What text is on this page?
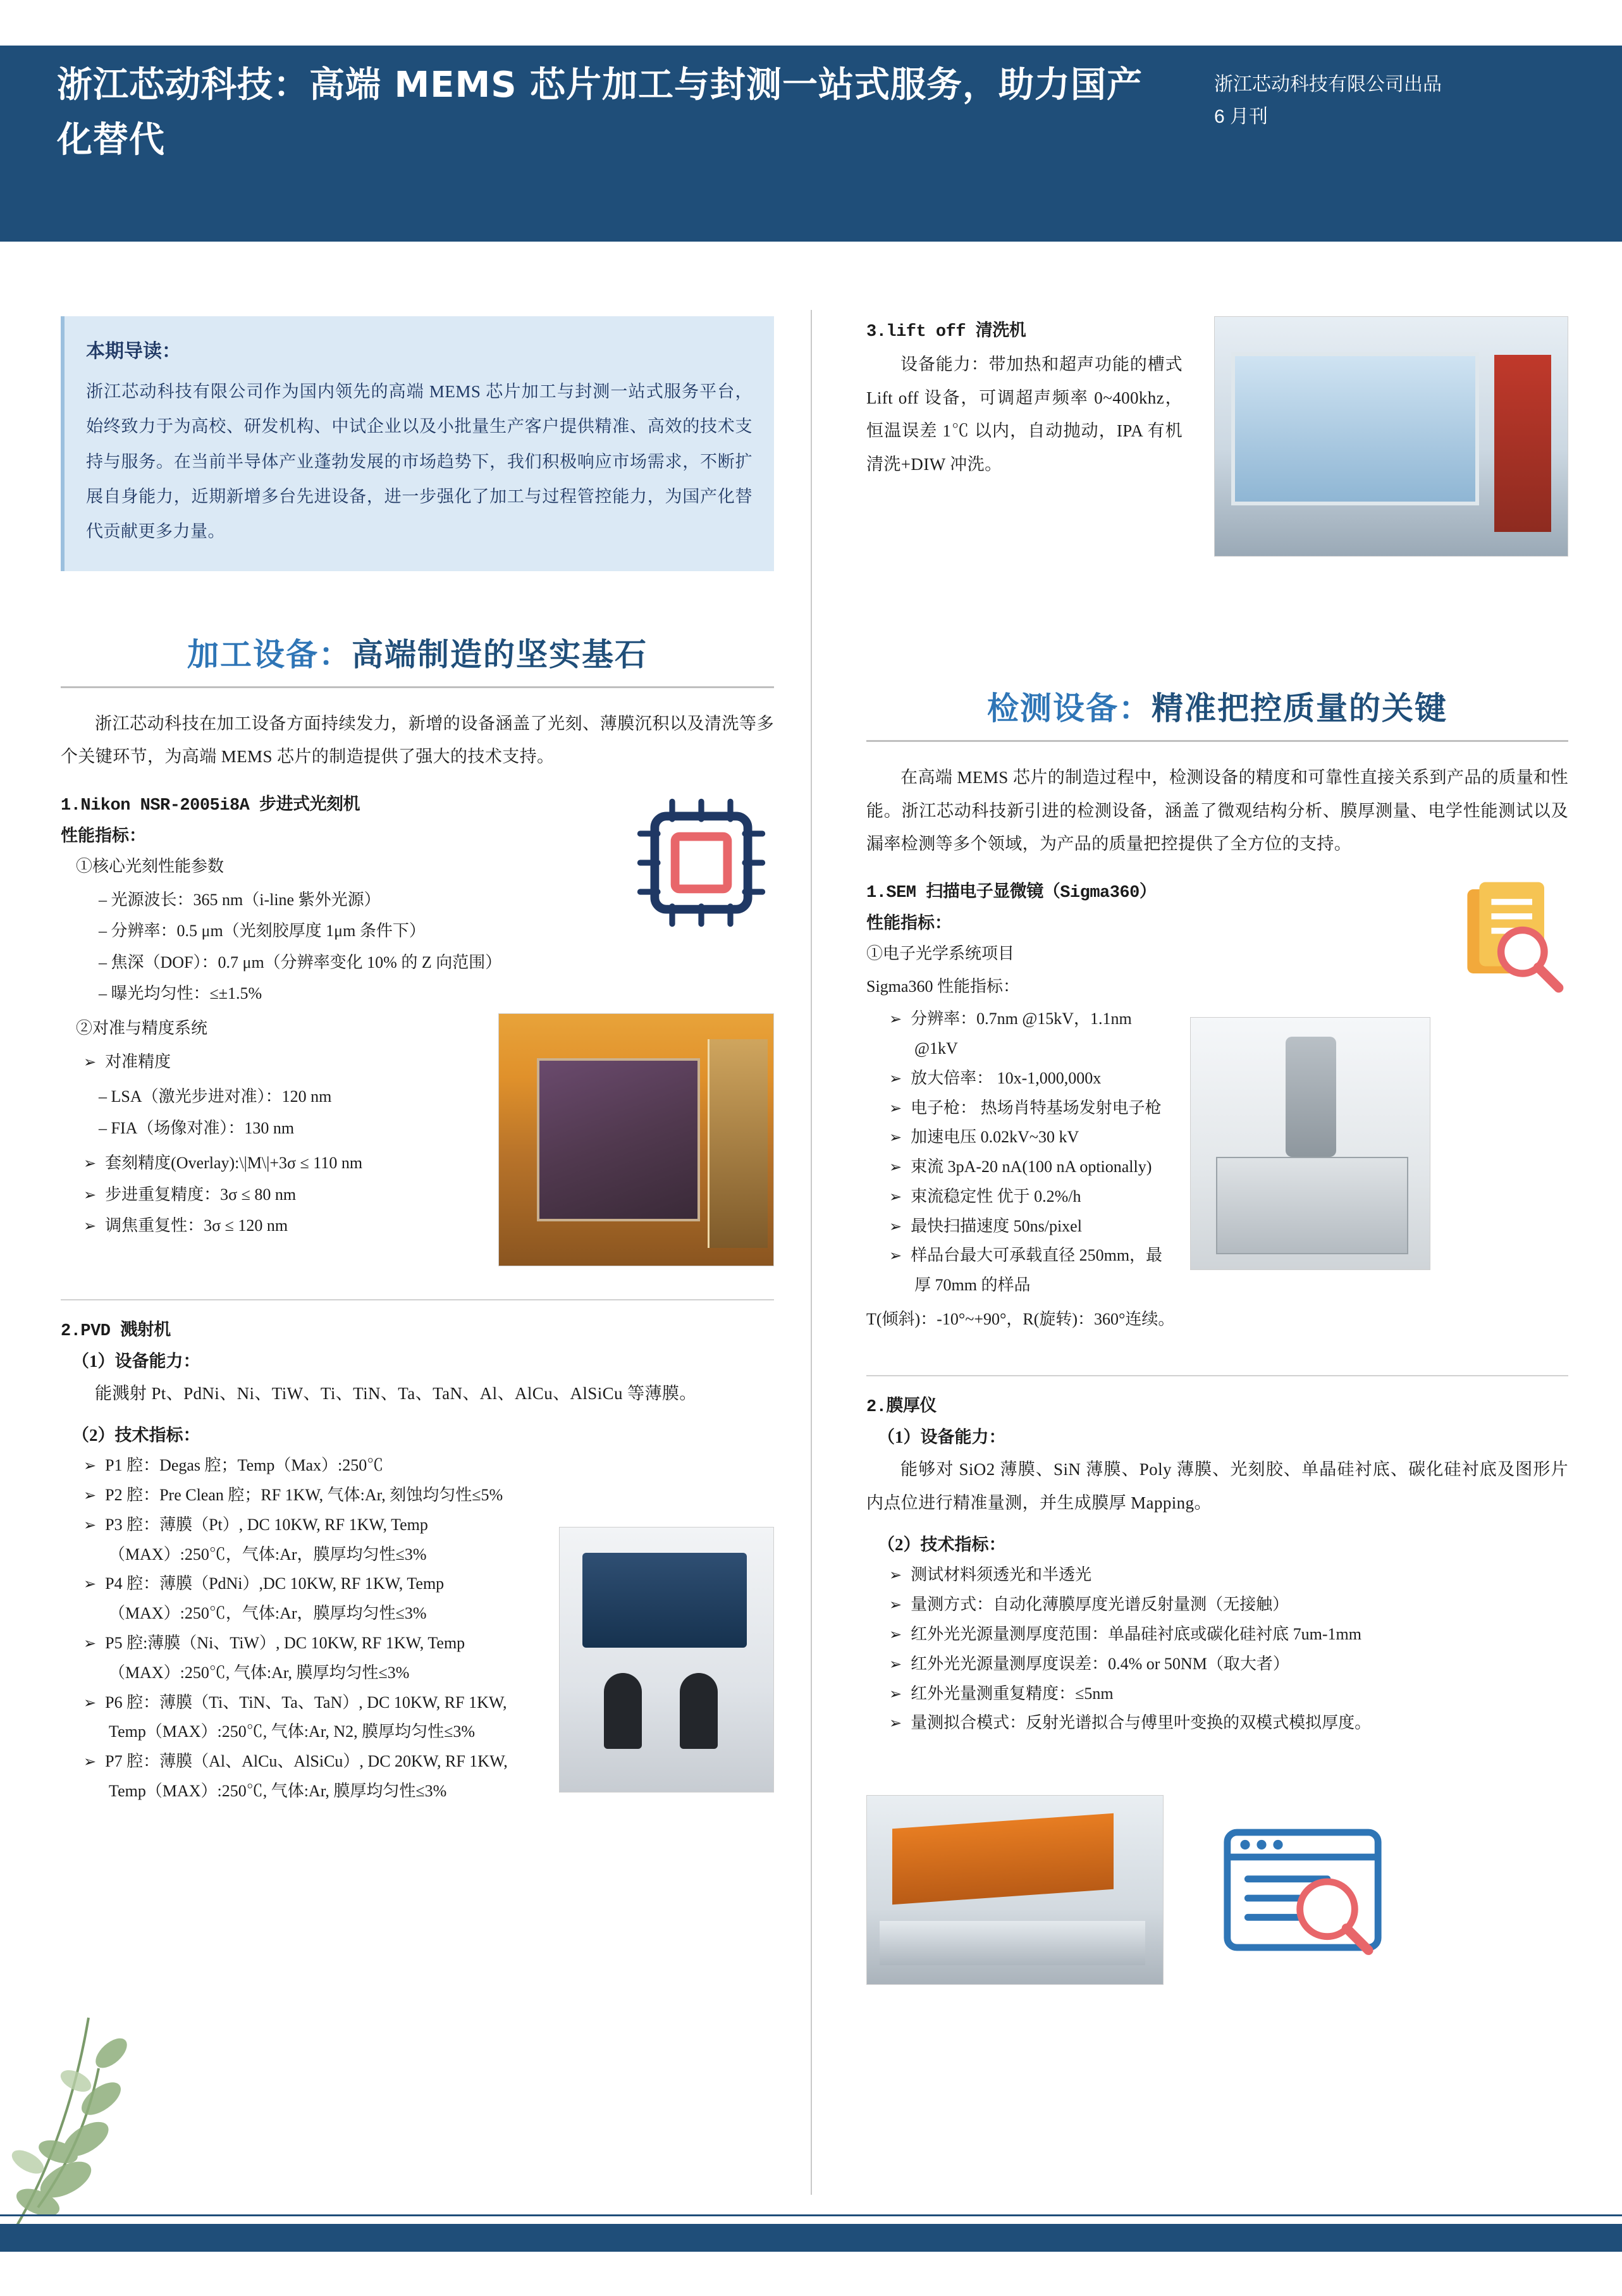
浙江芯动科技：高端 MEMS 芯片加工与封测一站式服务，助力国产化替代
浙江芯动科技有限公司出品
6 月刊
本期导读：
浙江芯动科技有限公司作为国内领先的高端 MEMS 芯片加工与封测一站式服务平台，始终致力于为高校、研发机构、中试企业以及小批量生产客户提供精准、高效的技术支持与服务。在当前半导体产业蓬勃发展的市场趋势下，我们积极响应市场需求，不断扩展自身能力，近期新增多台先进设备，进一步强化了加工与过程管控能力，为国产化替代贡献更多力量。
加工设备：高端制造的坚实基石

浙江芯动科技在加工设备方面持续发力，新增的设备涵盖了光刻、薄膜沉积以及清洗等多个关键环节，为高端 MEMS 芯片的制造提供了强大的技术支持。

1.Nikon NSR-2005i8A 步进式光刻机
性能指标：
①核心光刻性能参数
– 光源波长：365 nm（i-line 紫外光源）
– 分辨率：0.5 μm（光刻胶厚度 1μm 条件下）
– 焦深（DOF）：0.7 μm（分辨率变化 10% 的 Z 向范围）
– 曝光均匀性：≤±1.5%
②对准与精度系统
➢ 对准精度
– LSA（激光步进对准）：120 nm
– FIA（场像对准）：130 nm
➢ 套刻精度(Overlay):\|M\|+3σ ≤ 110 nm
➢ 步进重复精度：3σ ≤ 80 nm
➢ 调焦重复性：3σ ≤ 120 nm
2.PVD 溅射机
（1）设备能力：

能溅射 Pt、PdNi、Ni、TiW、Ti、TiN、Ta、TaN、Al、AlCu、AlSiCu 等薄膜。

（2）技术指标：
➢ P1 腔：Degas 腔；Temp（Max）:250℃
➢ P2 腔：Pre Clean 腔；RF 1KW, 气体:Ar, 刻蚀均匀性≤5%
➢ P3 腔：薄膜（Pt）, DC 10KW, RF 1KW, Temp（MAX）:250℃，气体:Ar，膜厚均匀性≤3%
➢ P4 腔：薄膜（PdNi）,DC 10KW, RF 1KW, Temp（MAX）:250℃，气体:Ar，膜厚均匀性≤3%
➢ P5 腔:薄膜（Ni、TiW）, DC 10KW, RF 1KW, Temp（MAX）:250℃, 气体:Ar, 膜厚均匀性≤3%
➢ P6 腔：薄膜（Ti、TiN、Ta、TaN）, DC 10KW, RF 1KW, Temp（MAX）:250℃, 气体:Ar, N2, 膜厚均匀性≤3%
➢ P7 腔：薄膜（Al、AlCu、AlSiCu）, DC 20KW, RF 1KW, Temp（MAX）:250℃, 气体:Ar, 膜厚均匀性≤3%
3.lift off 清洗机

设备能力：带加热和超声功能的槽式 Lift off 设备，可调超声频率 0~400khz，恒温误差 1℃ 以内，自动抛动，IPA 有机清洗+DIW 冲洗。

检测设备：精准把控质量的关键

在高端 MEMS 芯片的制造过程中，检测设备的精度和可靠性直接关系到产品的质量和性能。浙江芯动科技新引进的检测设备，涵盖了微观结构分析、膜厚测量、电学性能测试以及漏率检测等多个领域，为产品的质量把控提供了全方位的支持。

1.SEM 扫描电子显微镜（Sigma360）
性能指标：
①电子光学系统项目
Sigma360 性能指标：
➢ 分辨率：0.7nm @15kV，1.1nm @1kV
➢ 放大倍率： 10x-1,000,000x
➢ 电子枪： 热场肖特基场发射电子枪
➢ 加速电压 0.02kV~30 kV
➢ 束流 3pA-20 nA(100 nA optionally)
➢ 束流稳定性 优于 0.2%/h
➢ 最快扫描速度 50ns/pixel
➢ 样品台最大可承载直径 250mm，最厚 70mm 的样品
T(倾斜)：-10°~+90°，R(旋转)：360°连续。
2.膜厚仪
（1）设备能力：

能够对 SiO2 薄膜、SiN 薄膜、Poly 薄膜、光刻胶、单晶硅衬底、碳化硅衬底及图形片内点位进行精准量测，并生成膜厚 Mapping。

（2）技术指标：
➢ 测试材料须透光和半透光
➢ 量测方式：自动化薄膜厚度光谱反射量测（无接触）
➢ 红外光光源量测厚度范围：单晶硅衬底或碳化硅衬底 7um-1mm
➢ 红外光光源量测厚度误差：0.4% or 50NM（取大者）
➢ 红外光量测重复精度：≤5nm
➢ 量测拟合模式：反射光谱拟合与傅里叶变换的双模式模拟厚度。
